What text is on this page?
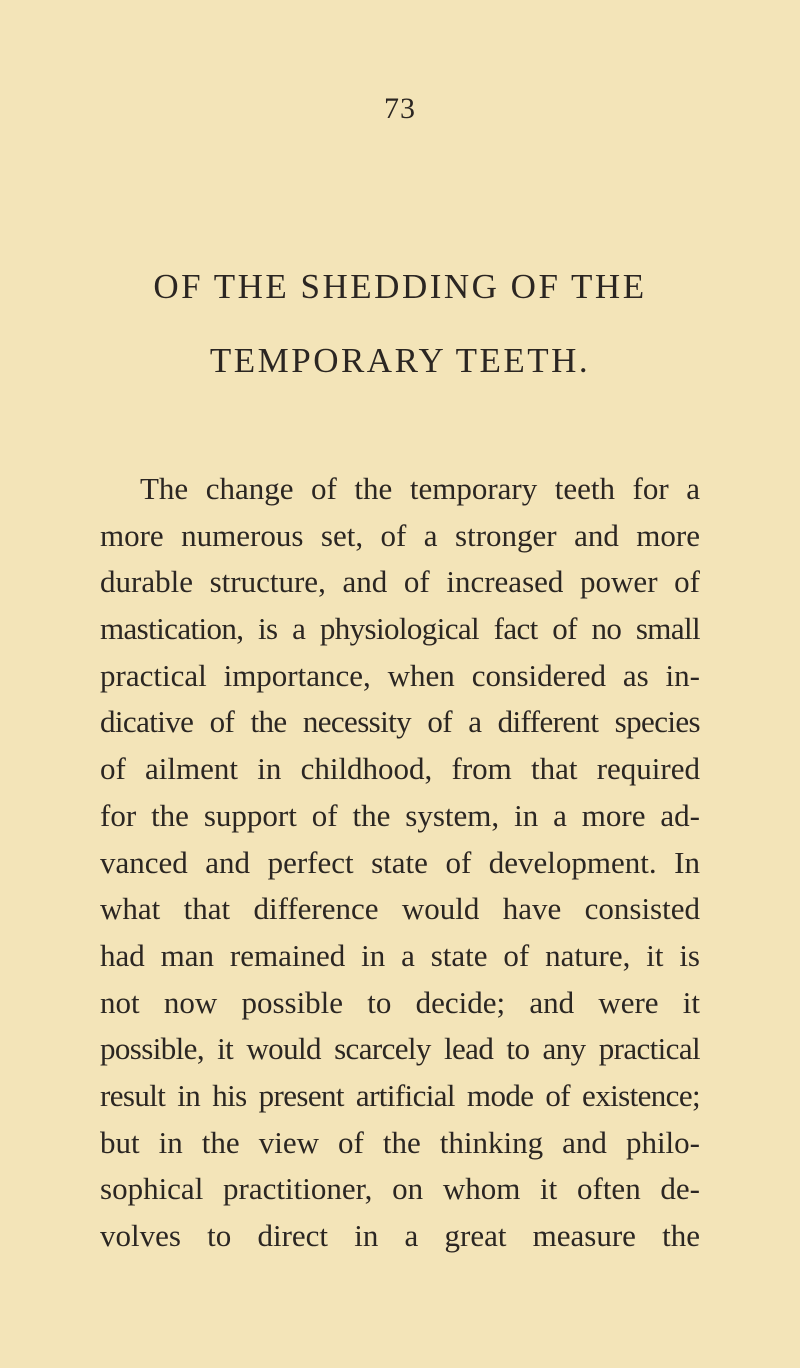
73
OF THE SHEDDING OF THE
TEMPORARY TEETH.
The change of the temporary teeth for a
more numerous set, of a stronger and more
durable structure, and of increased power of
mastication, is a physiological fact of no small
practical importance, when considered as in-
dicative of the necessity of a different species
of ailment in childhood, from that required
for the support of the system, in a more ad-
vanced and perfect state of development. In
what that difference would have consisted
had man remained in a state of nature, it is
not now possible to decide; and were it
possible, it would scarcely lead to any practical
result in his present artificial mode of existence;
but in the view of the thinking and philo-
sophical practitioner, on whom it often de-
volves to direct in a great measure the
